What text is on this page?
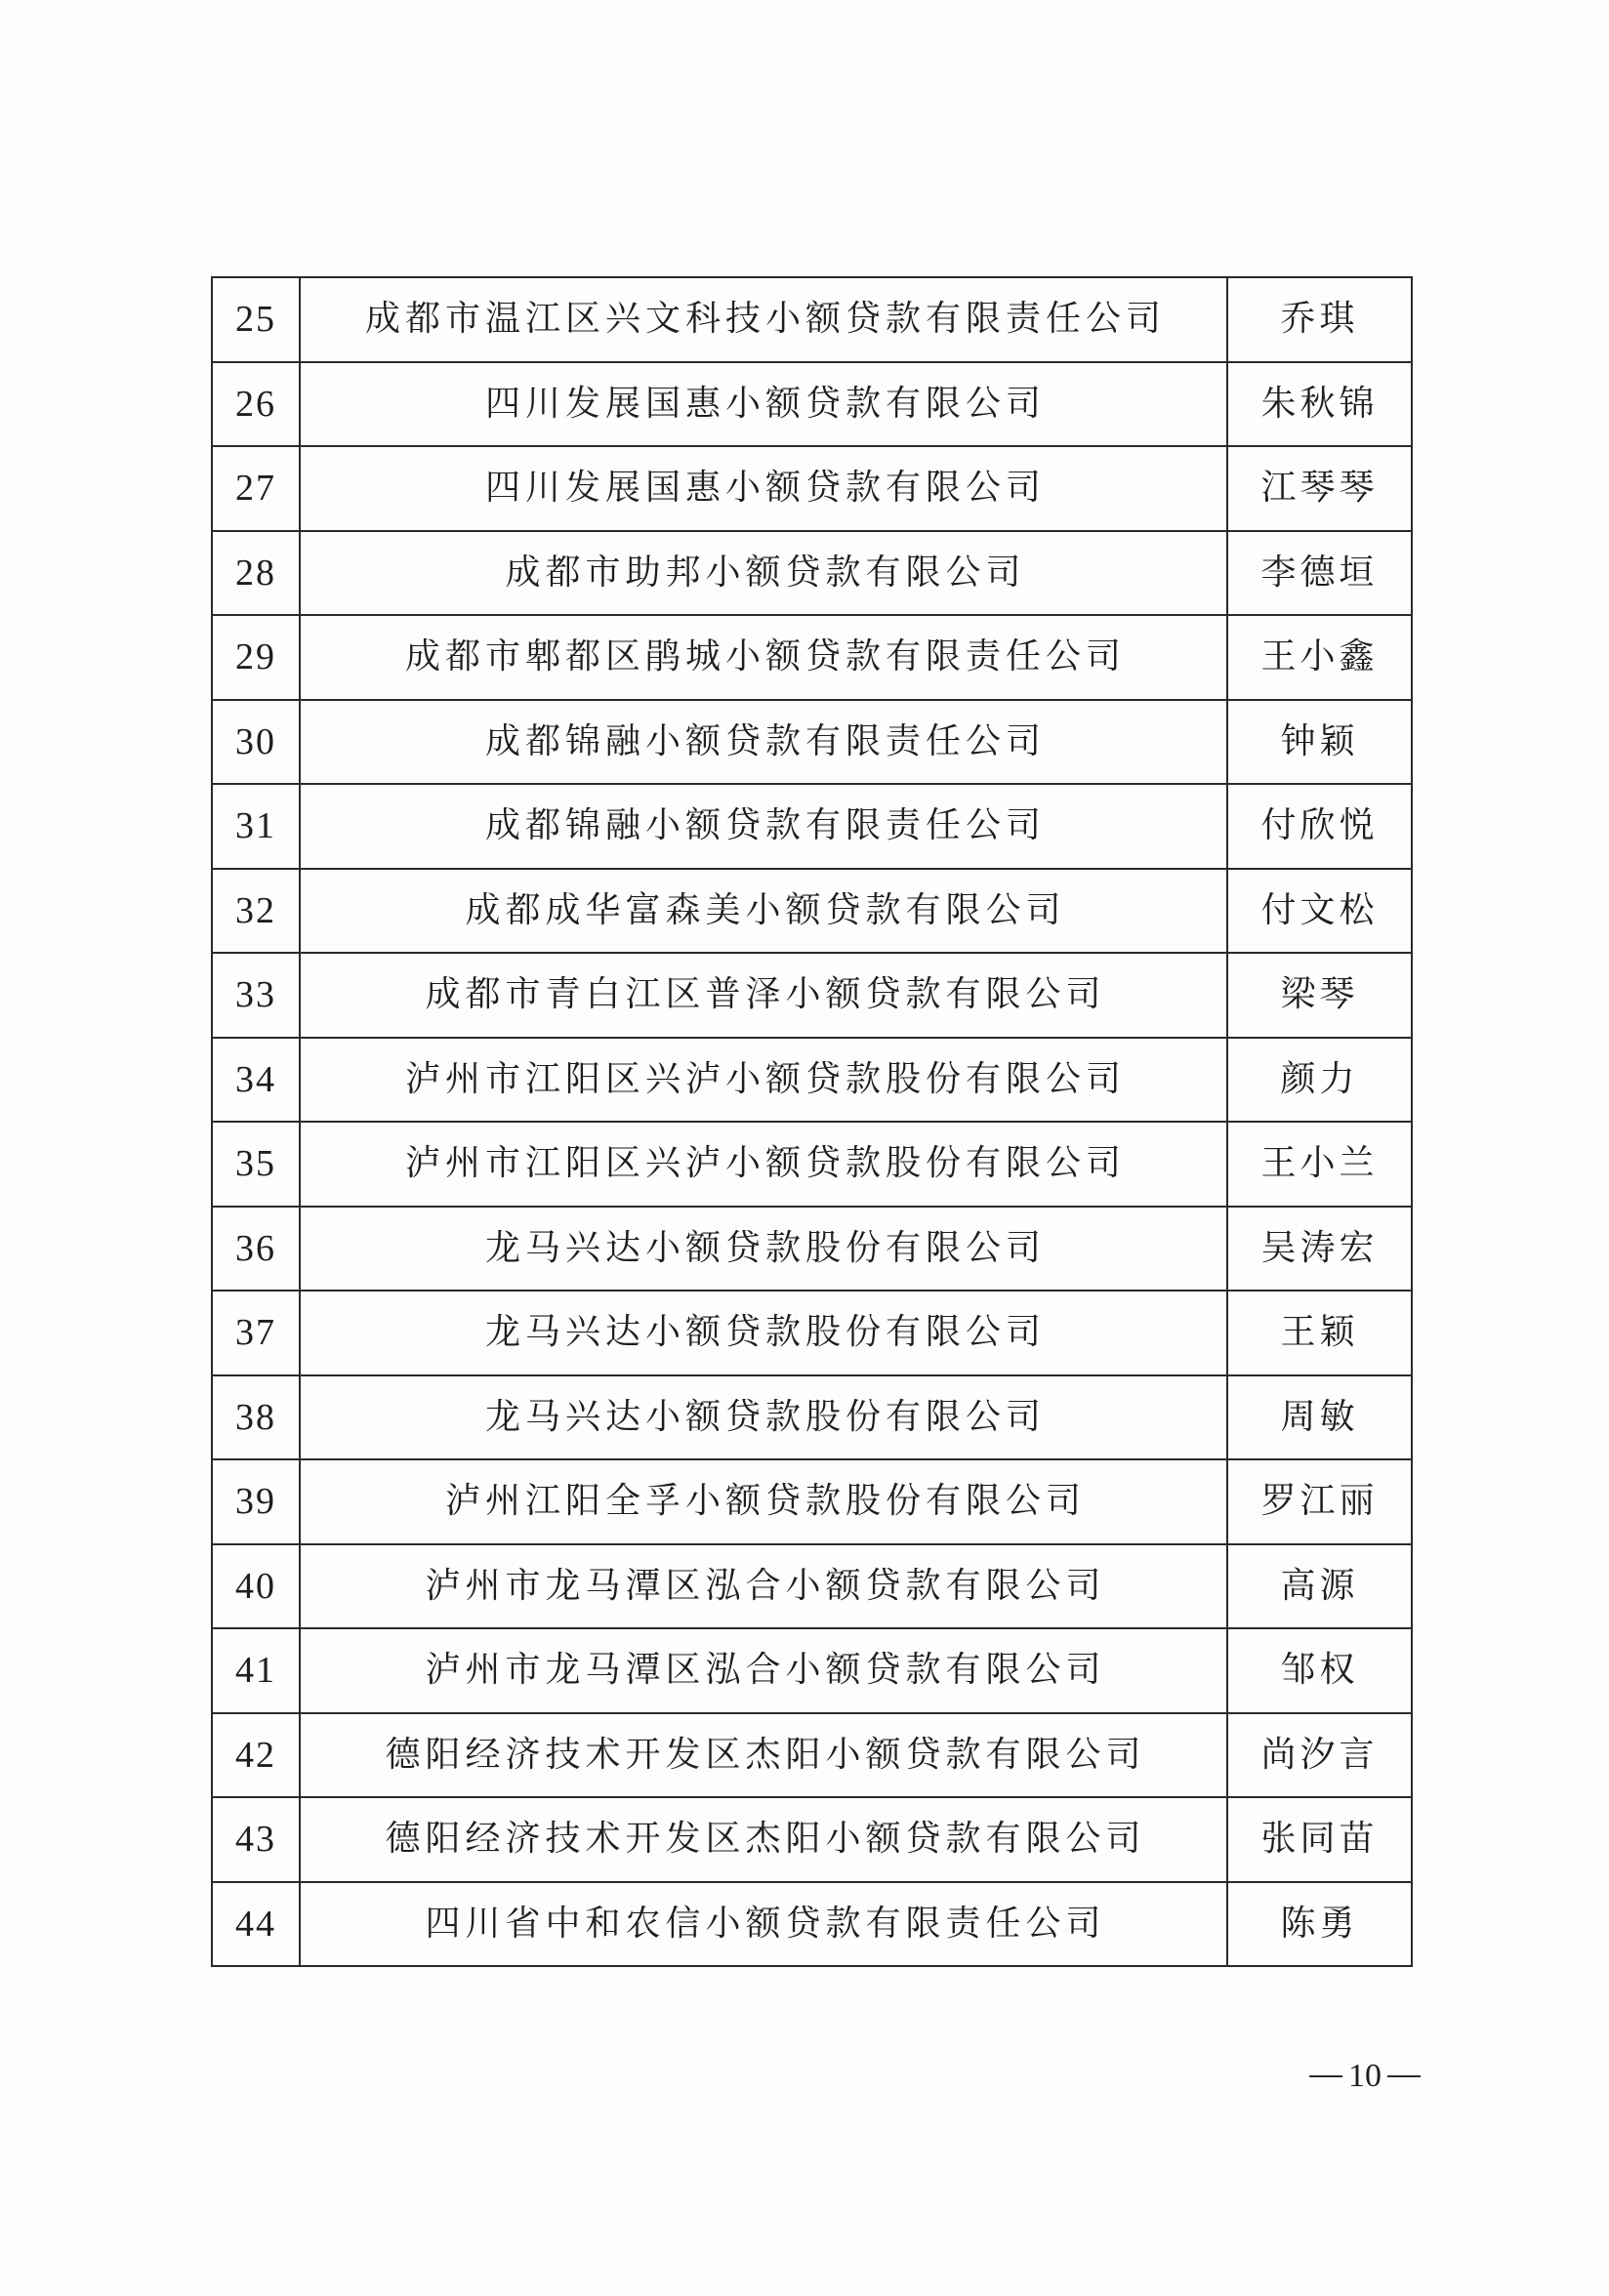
25	成都市温江区兴文科技小额贷款有限责任公司	乔琪
26	四川发展国惠小额贷款有限公司	朱秋锦
27	四川发展国惠小额贷款有限公司	江琴琴
28	成都市助邦小额贷款有限公司	李德垣
29	成都市郫都区鹃城小额贷款有限责任公司	王小鑫
30	成都锦融小额贷款有限责任公司	钟颖
31	成都锦融小额贷款有限责任公司	付欣悦
32	成都成华富森美小额贷款有限公司	付文松
33	成都市青白江区普泽小额贷款有限公司	梁琴
34	泸州市江阳区兴泸小额贷款股份有限公司	颜力
35	泸州市江阳区兴泸小额贷款股份有限公司	王小兰
36	龙马兴达小额贷款股份有限公司	吴涛宏
37	龙马兴达小额贷款股份有限公司	王颖
38	龙马兴达小额贷款股份有限公司	周敏
39	泸州江阳全孚小额贷款股份有限公司	罗江丽
40	泸州市龙马潭区泓合小额贷款有限公司	高源
41	泸州市龙马潭区泓合小额贷款有限公司	邹权
42	德阳经济技术开发区杰阳小额贷款有限公司	尚汐言
43	德阳经济技术开发区杰阳小额贷款有限公司	张同苗
44	四川省中和农信小额贷款有限责任公司	陈勇
10
